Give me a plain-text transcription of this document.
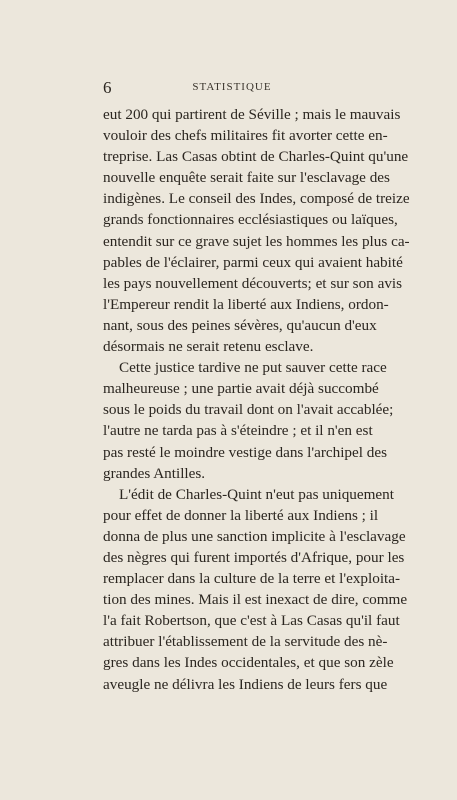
6	STATISTIQUE
eut 200 qui partirent de Séville ; mais le mauvais
vouloir des chefs militaires fit avorter cette en-
treprise. Las Casas obtint de Charles-Quint qu'une
nouvelle enquête serait faite sur l'esclavage des
indigènes. Le conseil des Indes, composé de treize
grands fonctionnaires ecclésiastiques ou laïques,
entendit sur ce grave sujet les hommes les plus ca-
pables de l'éclairer, parmi ceux qui avaient habité
les pays nouvellement découverts; et sur son avis
l'Empereur rendit la liberté aux Indiens, ordon-
nant, sous des peines sévères, qu'aucun d'eux
désormais ne serait retenu esclave.
Cette justice tardive ne put sauver cette race
malheureuse ; une partie avait déjà succombé
sous le poids du travail dont on l'avait accablée;
l'autre ne tarda pas à s'éteindre ; et il n'en est
pas resté le moindre vestige dans l'archipel des
grandes Antilles.
L'édit de Charles-Quint n'eut pas uniquement
pour effet de donner la liberté aux Indiens ; il
donna de plus une sanction implicite à l'esclavage
des nègres qui furent importés d'Afrique, pour les
remplacer dans la culture de la terre et l'exploita-
tion des mines. Mais il est inexact de dire, comme
l'a fait Robertson, que c'est à Las Casas qu'il faut
attribuer l'établissement de la servitude des nè-
gres dans les Indes occidentales, et que son zèle
aveugle ne délivra les Indiens de leurs fers que
